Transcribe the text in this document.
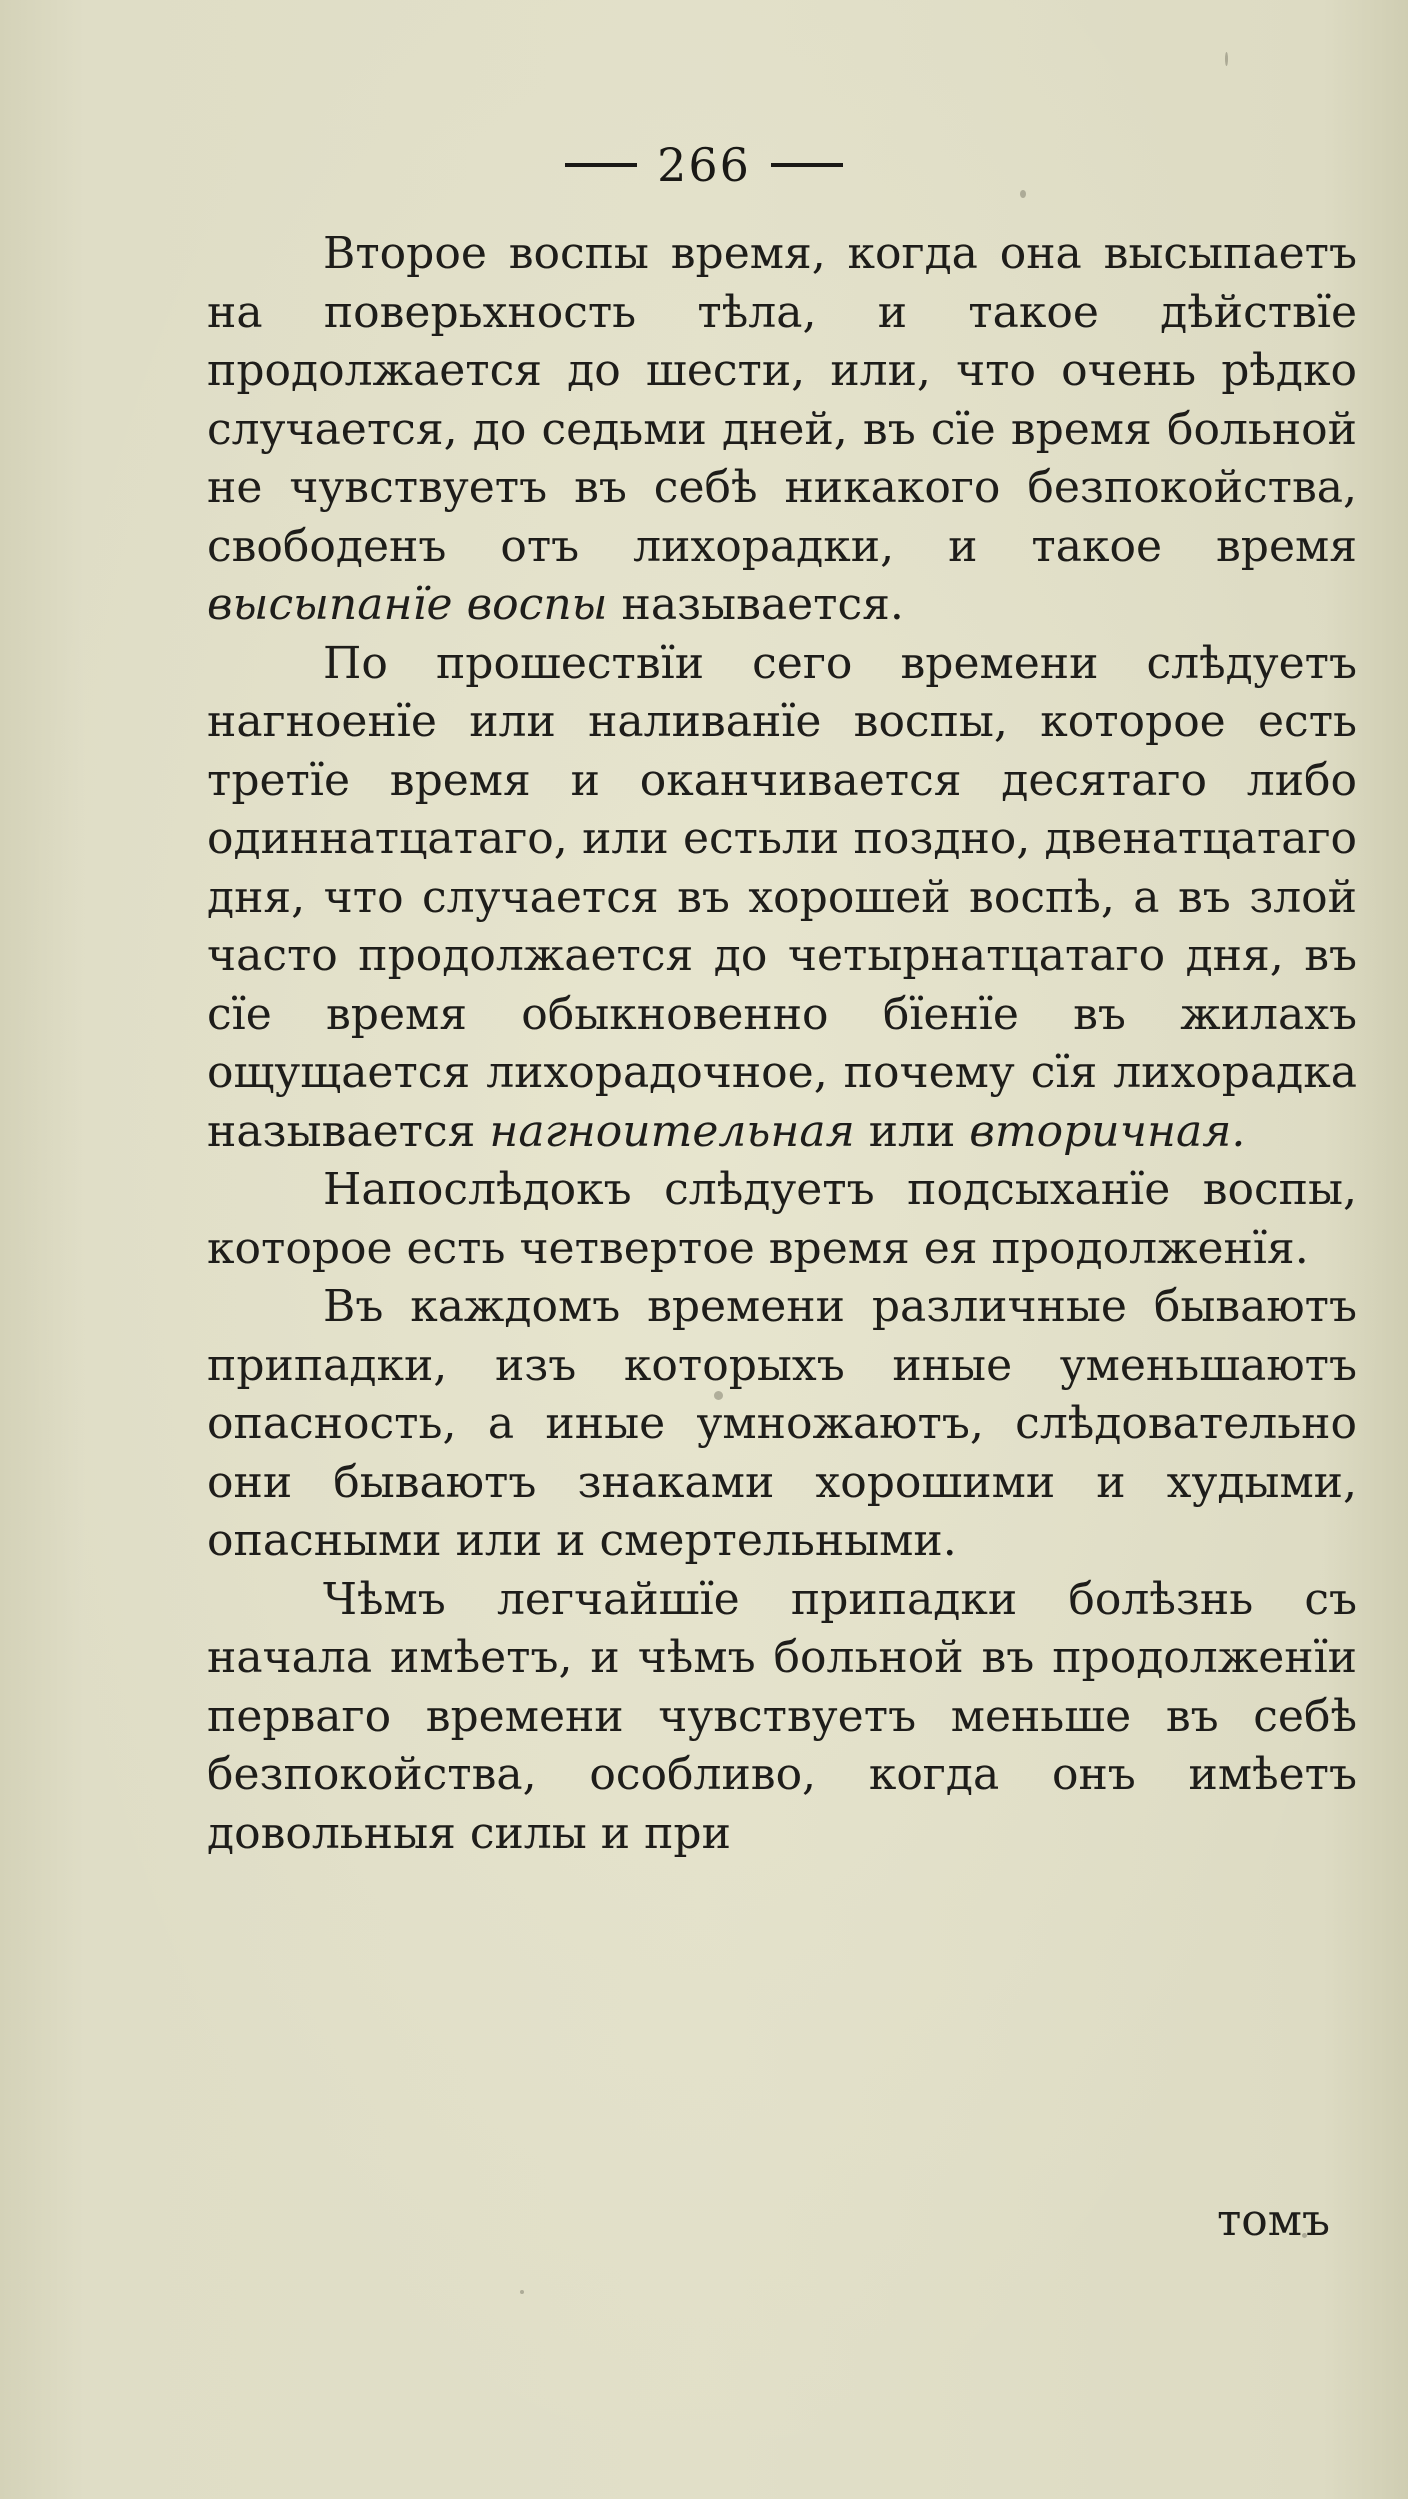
266

Второе воспы время, когда она высыпаетъ на поверьхность тѣла, и такое дѣйствїе продолжается до шести, или, что очень рѣдко случается, до седьми дней, въ сїе время больной не чувствуетъ въ себѣ никакого безпокойства, свободенъ отъ лихорадки, и такое время высыпанїе воспы называется.

По прошествїи сего времени слѣдуетъ нагноенїе или наливанїе воспы, которое есть третїе время и оканчивается десятаго либо одиннатцатаго, или естьли поздно, двенатцатаго дня, что случается въ хорошей воспѣ, а въ злой часто продолжается до четырнатцатаго дня, въ сїе время обыкновенно бїенїе въ жилахъ ощущается лихорадочное, почему сїя лихорадка называется нагноительная или вторичная.

Напослѣдокъ слѣдуетъ подсыханїе воспы, которое есть четвертое время ея продолженїя.

Въ каждомъ времени различные бываютъ припадки, изъ которыхъ иные уменьшаютъ опасность, а иные умножаютъ, слѣдовательно они бываютъ знаками хорошими и худыми, опасными или и смертельными.

Чѣмъ легчайшїе припадки болѣзнь съ начала имѣетъ, и чѣмъ больной въ продолженїи перваго времени чувствуетъ меньше въ себѣ безпокойства, особливо, когда онъ имѣетъ довольныя силы и при

томъ
